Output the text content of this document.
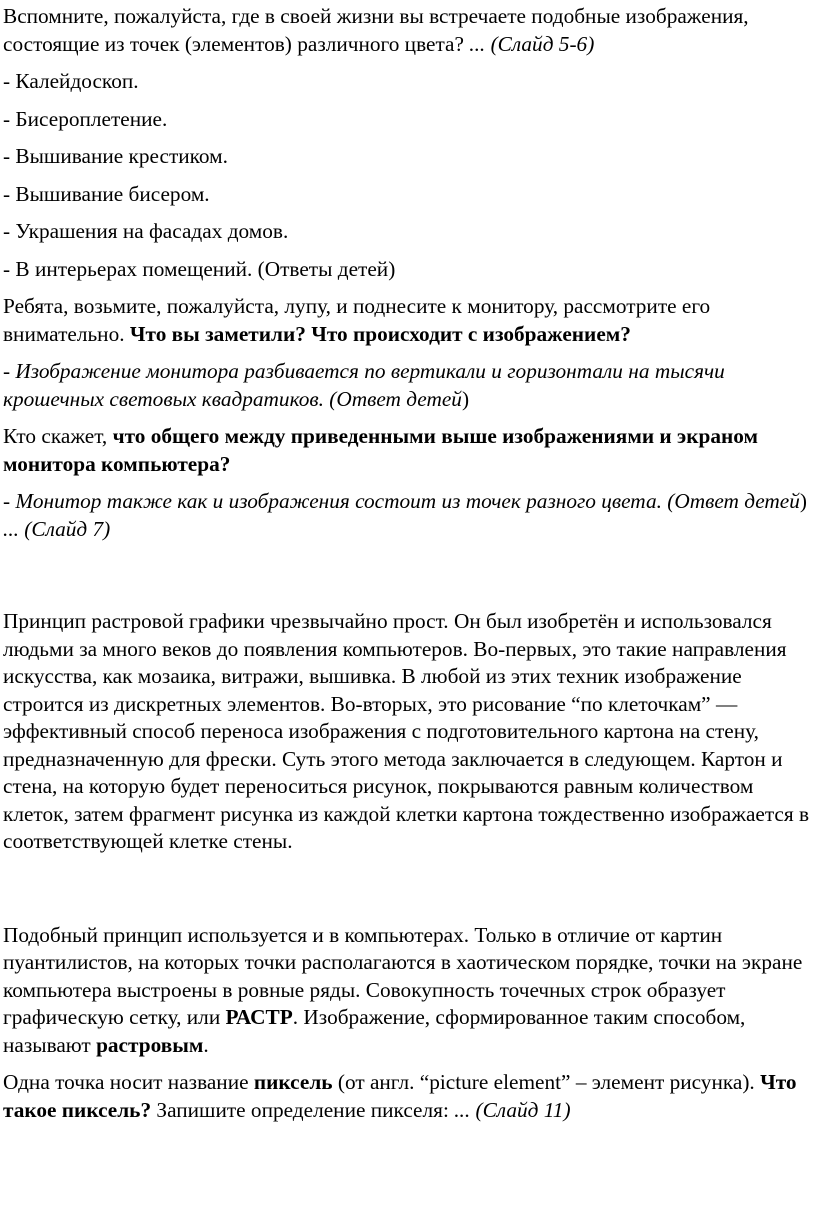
Вспомните, пожалуйста, где в своей жизни вы встречаете подобные изображения, состоящие из точек (элементов) различного цвета? ... (Слайд 5-6)

- Калейдоскоп.

- Бисероплетение.

- Вышивание крестиком.

- Вышивание бисером.

- Украшения на фасадах домов.

- В интерьерах помещений. (Ответы детей)

Ребята, возьмите, пожалуйста, лупу, и поднесите к монитору, рассмотрите его внимательно. Что вы заметили? Что происходит с изображением?

- Изображение монитора разбивается по вертикали и горизонтали на тысячи крошечных световых квадратиков. (Ответ детей)

Кто скажет, что общего между приведенными выше изображениями и экраном монитора компьютера?

- Монитор также как и изображения состоит из точек разного цвета. (Ответ детей) ... (Слайд 7)

Принцип растровой графики чрезвычайно прост. Он был изобретён и использовался людьми за много веков до появления компьютеров. Во-первых, это такие направления искусства, как мозаика, витражи, вышивка. В любой из этих техник изображение строится из дискретных элементов. Во-вторых, это рисование “по клеточкам” — эффективный способ переноса изображения с подготовительного картона на стену, предназначенную для фрески. Суть этого метода заключается в следующем. Картон и стена, на которую будет переноситься рисунок, покрываются равным количеством клеток, затем фрагмент рисунка из каждой клетки картона тождественно изображается в соответствующей клетке стены.

Подобный принцип используется и в компьютерах. Только в отличие от картин пуантилистов, на которых точки располагаются в хаотическом порядке, точки на экране компьютера выстроены в ровные ряды. Совокупность точечных строк образует графическую сетку, или РАСТР. Изображение, сформированное таким способом, называют растровым.

Одна точка носит название пиксель (от англ. “picture element” – элемент рисунка). Что такое пиксель? Запишите определение пикселя: ... (Слайд 11)
